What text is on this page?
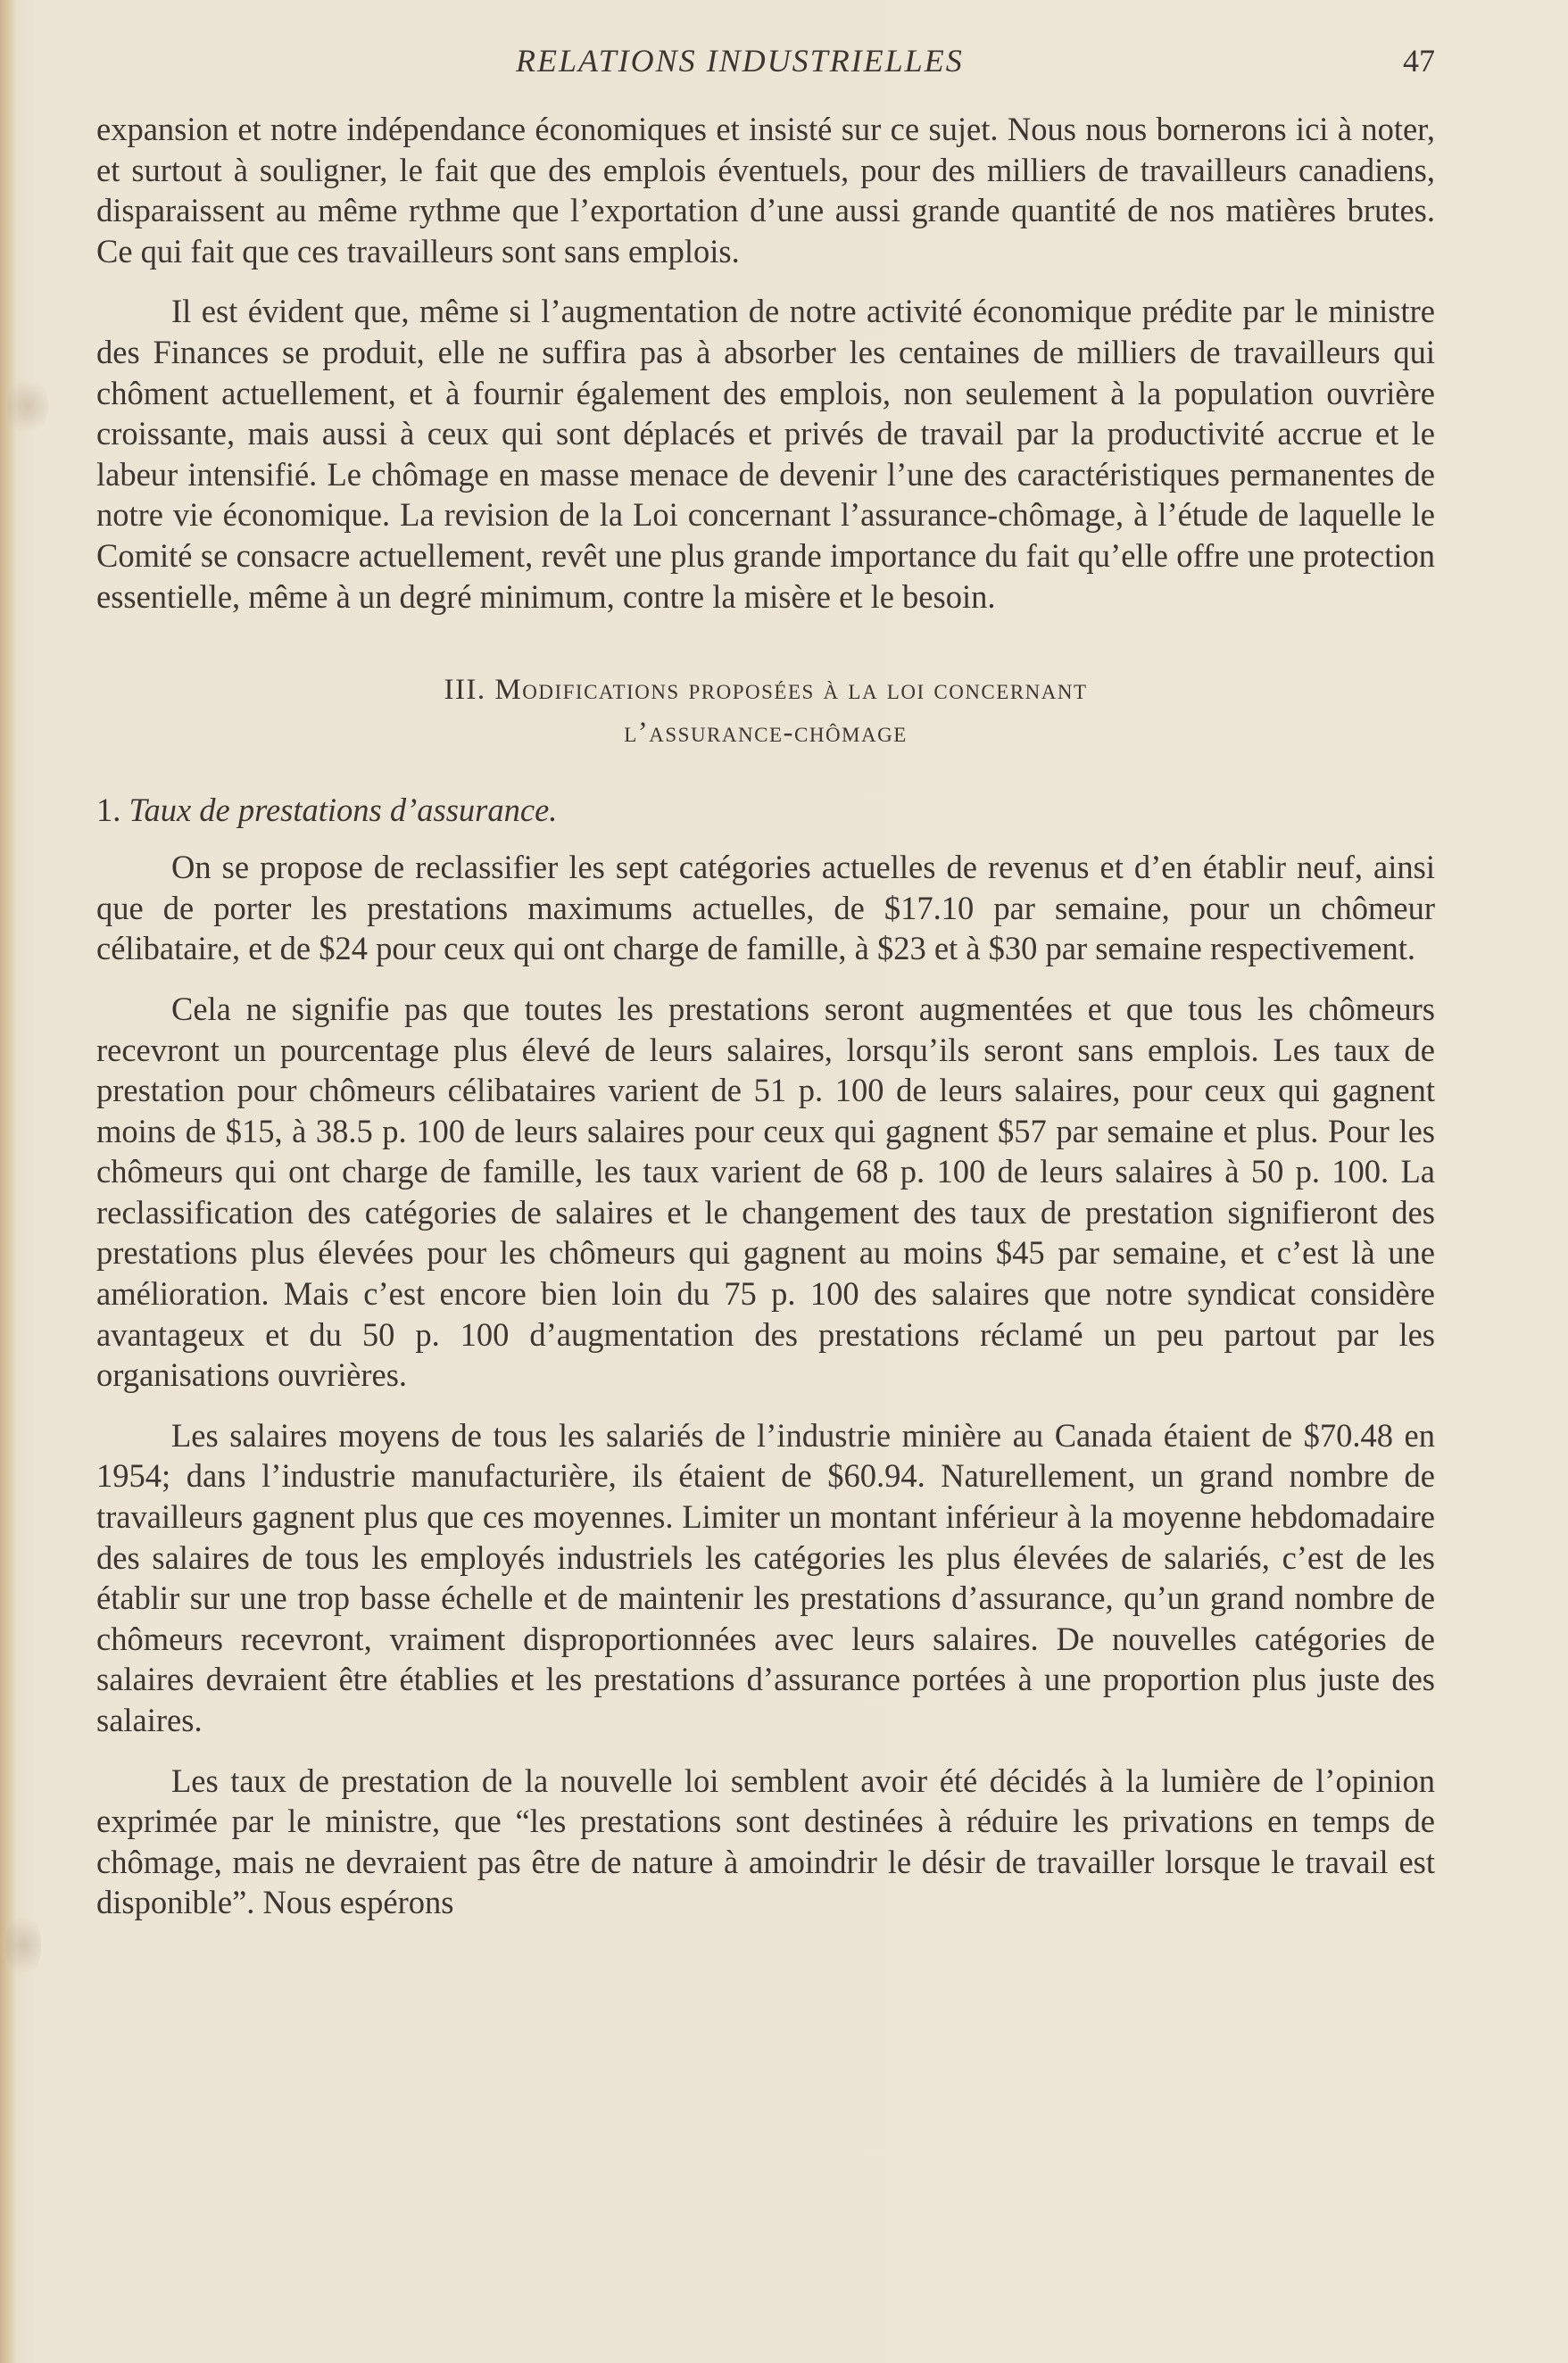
RELATIONS INDUSTRIELLES	47

expansion et notre indépendance économiques et insisté sur ce sujet. Nous nous bornerons ici à noter, et surtout à souligner, le fait que des emplois éventuels, pour des milliers de travailleurs canadiens, disparaissent au même rythme que l’exportation d’une aussi grande quantité de nos matières brutes. Ce qui fait que ces travailleurs sont sans emplois.

Il est évident que, même si l’augmentation de notre activité économique prédite par le ministre des Finances se produit, elle ne suffira pas à absorber les centaines de milliers de travailleurs qui chôment actuellement, et à fournir également des emplois, non seulement à la population ouvrière croissante, mais aussi à ceux qui sont déplacés et privés de travail par la productivité accrue et le labeur intensifié. Le chômage en masse menace de devenir l’une des caractéristiques permanentes de notre vie économique. La revision de la Loi concernant l’assurance-chômage, à l’étude de laquelle le Comité se consacre actuellement, revêt une plus grande importance du fait qu’elle offre une protection essentielle, même à un degré minimum, contre la misère et le besoin.

III. Modifications proposées à la loi concernant
l’assurance-chômage
1. Taux de prestations d’assurance.

On se propose de reclassifier les sept catégories actuelles de revenus et d’en établir neuf, ainsi que de porter les prestations maximums actuelles, de $17.10 par semaine, pour un chômeur célibataire, et de $24 pour ceux qui ont charge de famille, à $23 et à $30 par semaine respectivement.

Cela ne signifie pas que toutes les prestations seront augmentées et que tous les chômeurs recevront un pourcentage plus élevé de leurs salaires, lorsqu’ils seront sans emplois. Les taux de prestation pour chômeurs célibataires varient de 51 p. 100 de leurs salaires, pour ceux qui gagnent moins de $15, à 38.5 p. 100 de leurs salaires pour ceux qui gagnent $57 par semaine et plus. Pour les chômeurs qui ont charge de famille, les taux varient de 68 p. 100 de leurs salaires à 50 p. 100. La reclassification des catégories de salaires et le changement des taux de prestation signifieront des prestations plus élevées pour les chômeurs qui gagnent au moins $45 par semaine, et c’est là une amélioration. Mais c’est encore bien loin du 75 p. 100 des salaires que notre syndicat considère avantageux et du 50 p. 100 d’augmentation des prestations réclamé un peu partout par les organisations ouvrières.

Les salaires moyens de tous les salariés de l’industrie minière au Canada étaient de $70.48 en 1954; dans l’industrie manufacturière, ils étaient de $60.94. Naturellement, un grand nombre de travailleurs gagnent plus que ces moyennes. Limiter un montant inférieur à la moyenne hebdomadaire des salaires de tous les employés industriels les catégories les plus élevées de salariés, c’est de les établir sur une trop basse échelle et de maintenir les prestations d’assurance, qu’un grand nombre de chômeurs recevront, vraiment disproportionnées avec leurs salaires. De nouvelles catégories de salaires devraient être établies et les prestations d’assurance portées à une proportion plus juste des salaires.

Les taux de prestation de la nouvelle loi semblent avoir été décidés à la lumière de l’opinion exprimée par le ministre, que “les prestations sont destinées à réduire les privations en temps de chômage, mais ne devraient pas être de nature à amoindrir le désir de travailler lorsque le travail est disponible”. Nous espérons
